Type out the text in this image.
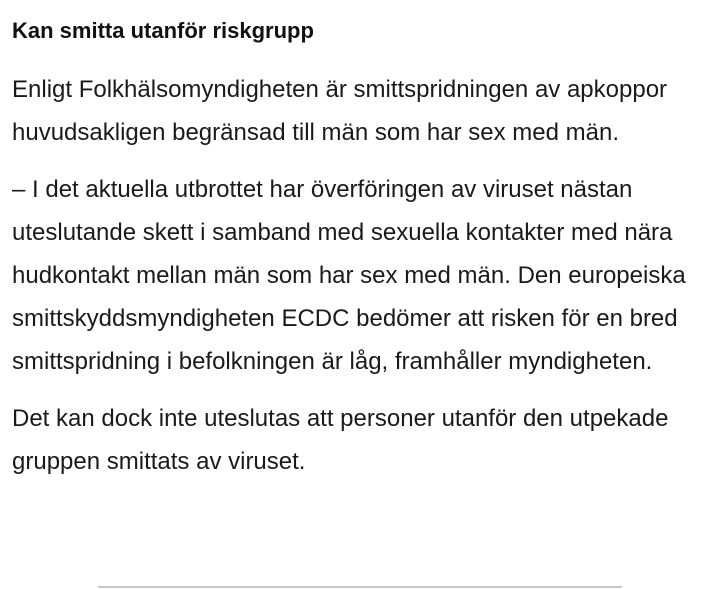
Kan smitta utanför riskgrupp

Enligt Folkhälsomyndigheten är smittspridningen av apkoppor huvudsakligen begränsad till män som har sex med män.

– I det aktuella utbrottet har överföringen av viruset nästan uteslutande skett i samband med sexuella kontakter med nära hudkontakt mellan män som har sex med män. Den europeiska smittskyddsmyndigheten ECDC bedömer att risken för en bred smittspridning i befolkningen är låg, framhåller myndigheten.

Det kan dock inte uteslutas att personer utanför den utpekade gruppen smittats av viruset.
